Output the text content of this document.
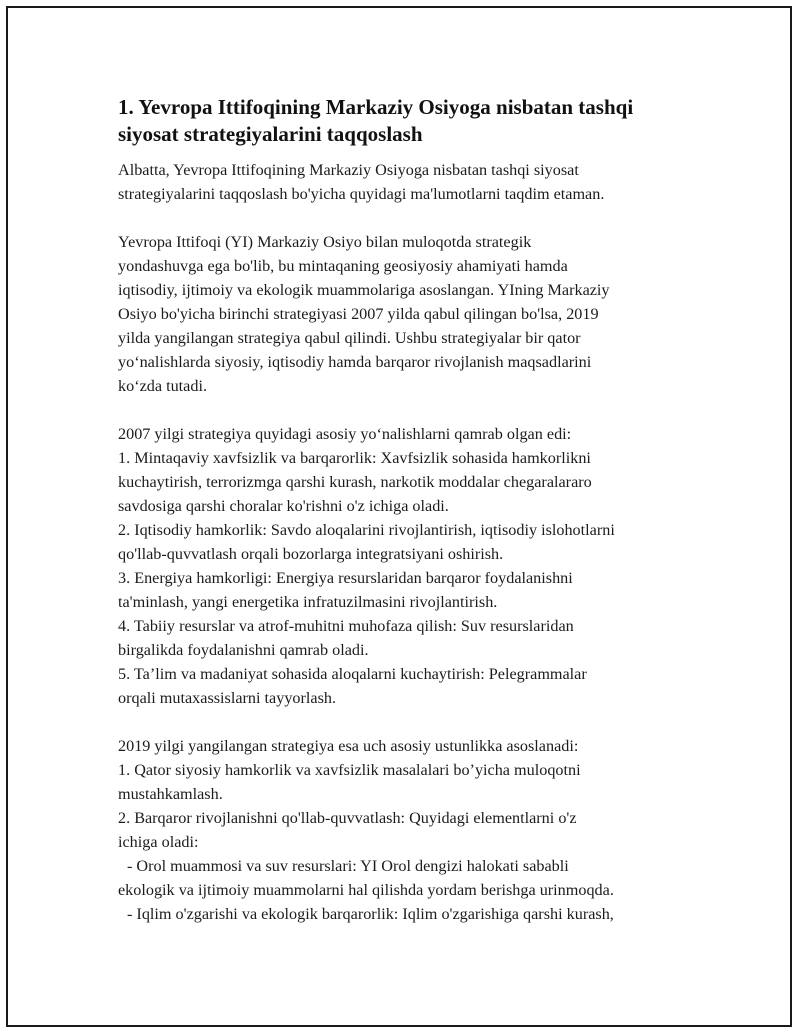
1. Yevropa Ittifoqining Markaziy Osiyoga nisbatan tashqi
siyosat strategiyalarini taqqoslash

Albatta, Yevropa Ittifoqining Markaziy Osiyoga nisbatan tashqi siyosat
strategiyalarini taqqoslash bo'yicha quyidagi ma'lumotlarni taqdim etaman.

Yevropa Ittifoqi (YI) Markaziy Osiyo bilan muloqotda strategik
yondashuvga ega bo'lib, bu mintaqaning geosiyosiy ahamiyati hamda
iqtisodiy, ijtimoiy va ekologik muammolariga asoslangan. YIning Markaziy
Osiyo bo'yicha birinchi strategiyasi 2007 yilda qabul qilingan bo'lsa, 2019
yilda yangilangan strategiya qabul qilindi. Ushbu strategiyalar bir qator
yo‘nalishlarda siyosiy, iqtisodiy hamda barqaror rivojlanish maqsadlarini
ko‘zda tutadi.

2007 yilgi strategiya quyidagi asosiy yo‘nalishlarni qamrab olgan edi:
1. Mintaqaviy xavfsizlik va barqarorlik: Xavfsizlik sohasida hamkorlikni
kuchaytirish, terrorizmga qarshi kurash, narkotik moddalar chegaralararo
savdosiga qarshi choralar ko'rishni o'z ichiga oladi.
2. Iqtisodiy hamkorlik: Savdo aloqalarini rivojlantirish, iqtisodiy islohotlarni
qo'llab-quvvatlash orqali bozorlarga integratsiyani oshirish.
3. Energiya hamkorligi: Energiya resurslaridan barqaror foydalanishni
ta'minlash, yangi energetika infratuzilmasini rivojlantirish.
4. Tabiiy resurslar va atrof-muhitni muhofaza qilish: Suv resurslaridan
birgalikda foydalanishni qamrab oladi.
5. Ta’lim va madaniyat sohasida aloqalarni kuchaytirish: Pelegrammalar
orqali mutaxassislarni tayyorlash.

2019 yilgi yangilangan strategiya esa uch asosiy ustunlikka asoslanadi:
1. Qator siyosiy hamkorlik va xavfsizlik masalalari bo’yicha muloqotni
mustahkamlash.
2. Barqaror rivojlanishni qo'llab-quvvatlash: Quyidagi elementlarni o'z
ichiga oladi:
- Orol muammosi va suv resurslari: YI Orol dengizi halokati sababli
ekologik va ijtimoiy muammolarni hal qilishda yordam berishga urinmoqda.
- Iqlim o'zgarishi va ekologik barqarorlik: Iqlim o'zgarishiga qarshi kurash,
